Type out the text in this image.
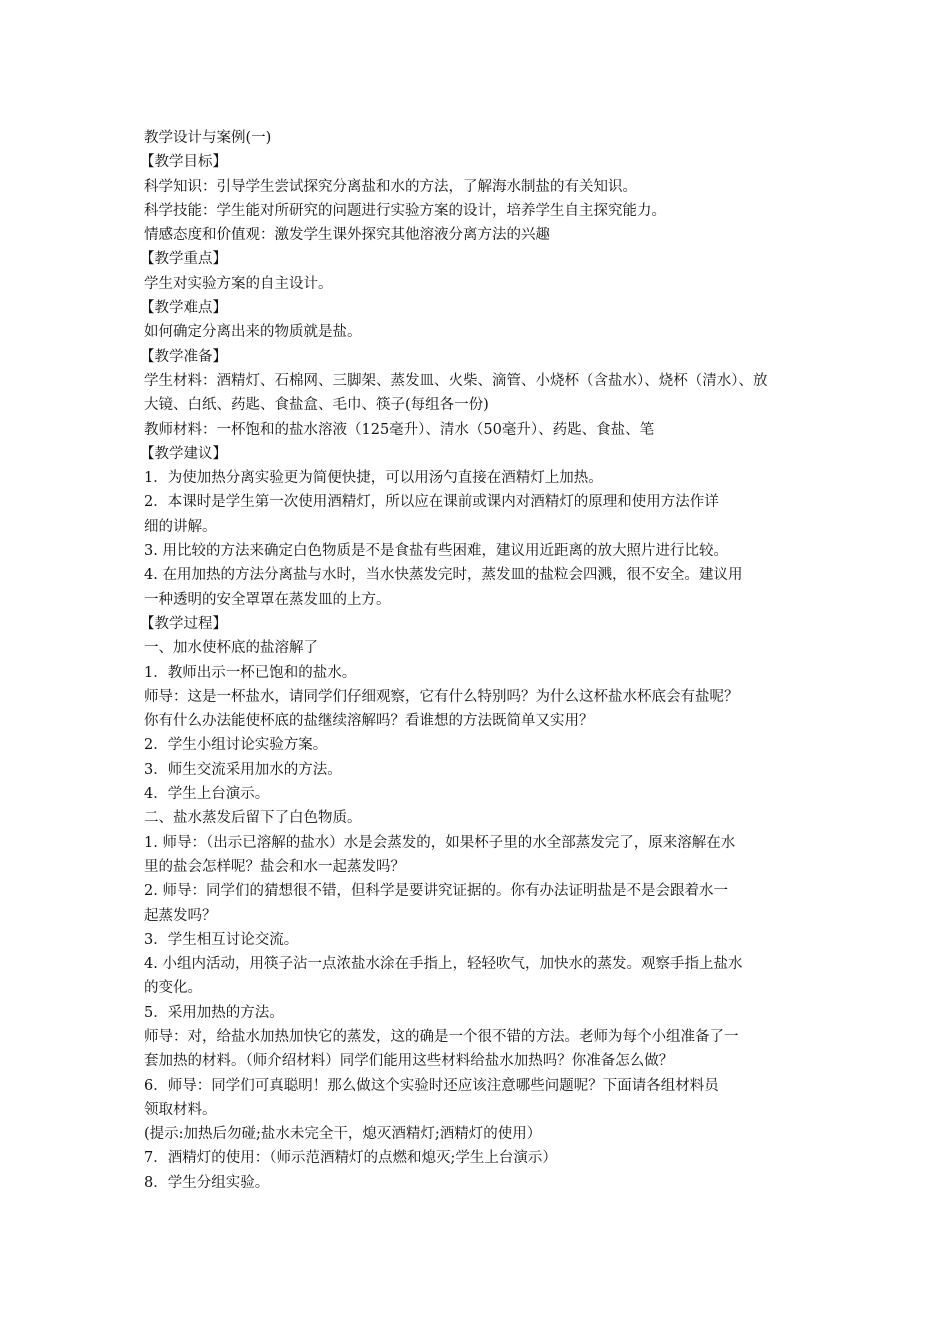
教学设计与案例(一)

【教学目标】

科学知识：引导学生尝试探究分离盐和水的方法，了解海水制盐的有关知识。

科学技能：学生能对所研究的问题进行实验方案的设计，培养学生自主探究能力。

情感态度和价值观：激发学生课外探究其他溶液分离方法的兴趣

【教学重点】

学生对实验方案的自主设计。

【教学难点】

如何确定分离出来的物质就是盐。

【教学准备】

学生材料：酒精灯、石棉网、三脚架、蒸发皿、火柴、滴管、小烧杯（含盐水）、烧杯（清水）、放

大镜、白纸、药匙、食盐盒、毛巾、筷子(每组各一份)

教师材料：一杯饱和的盐水溶液（125毫升）、清水（50毫升）、药匙、食盐、笔

【教学建议】

1．为使加热分离实验更为简便快捷，可以用汤勺直接在酒精灯上加热。

2．本课时是学生第一次使用酒精灯，所以应在课前或课内对酒精灯的原理和使用方法作详

细的讲解。

3. 用比较的方法来确定白色物质是不是食盐有些困难，建议用近距离的放大照片进行比较。

4. 在用加热的方法分离盐与水时，当水快蒸发完时，蒸发皿的盐粒会四溅，很不安全。建议用

一种透明的安全罩罩在蒸发皿的上方。

【教学过程】

一、加水使杯底的盐溶解了

1．教师出示一杯已饱和的盐水。

师导：这是一杯盐水，请同学们仔细观察，它有什么特别吗？为什么这杯盐水杯底会有盐呢？

你有什么办法能使杯底的盐继续溶解吗？看谁想的方法既简单又实用？

2．学生小组讨论实验方案。

3．师生交流采用加水的方法。

4．学生上台演示。

二、盐水蒸发后留下了白色物质。

1. 师导：（出示已溶解的盐水）水是会蒸发的，如果杯子里的水全部蒸发完了，原来溶解在水

里的盐会怎样呢？盐会和水一起蒸发吗？

2. 师导：同学们的猜想很不错，但科学是要讲究证据的。你有办法证明盐是不是会跟着水一

起蒸发吗？

3．学生相互讨论交流。

4. 小组内活动，用筷子沾一点浓盐水涂在手指上，轻轻吹气，加快水的蒸发。观察手指上盐水

的变化。

5．采用加热的方法。

师导：对，给盐水加热加快它的蒸发，这的确是一个很不错的方法。老师为每个小组准备了一

套加热的材料。（师介绍材料）同学们能用这些材料给盐水加热吗？你准备怎么做？

6．师导：同学们可真聪明！那么做这个实验时还应该注意哪些问题呢？下面请各组材料员

领取材料。

(提示:加热后勿碰;盐水未完全干，熄灭酒精灯;酒精灯的使用）

7．酒精灯的使用：（师示范酒精灯的点燃和熄灭;学生上台演示）

8．学生分组实验。
